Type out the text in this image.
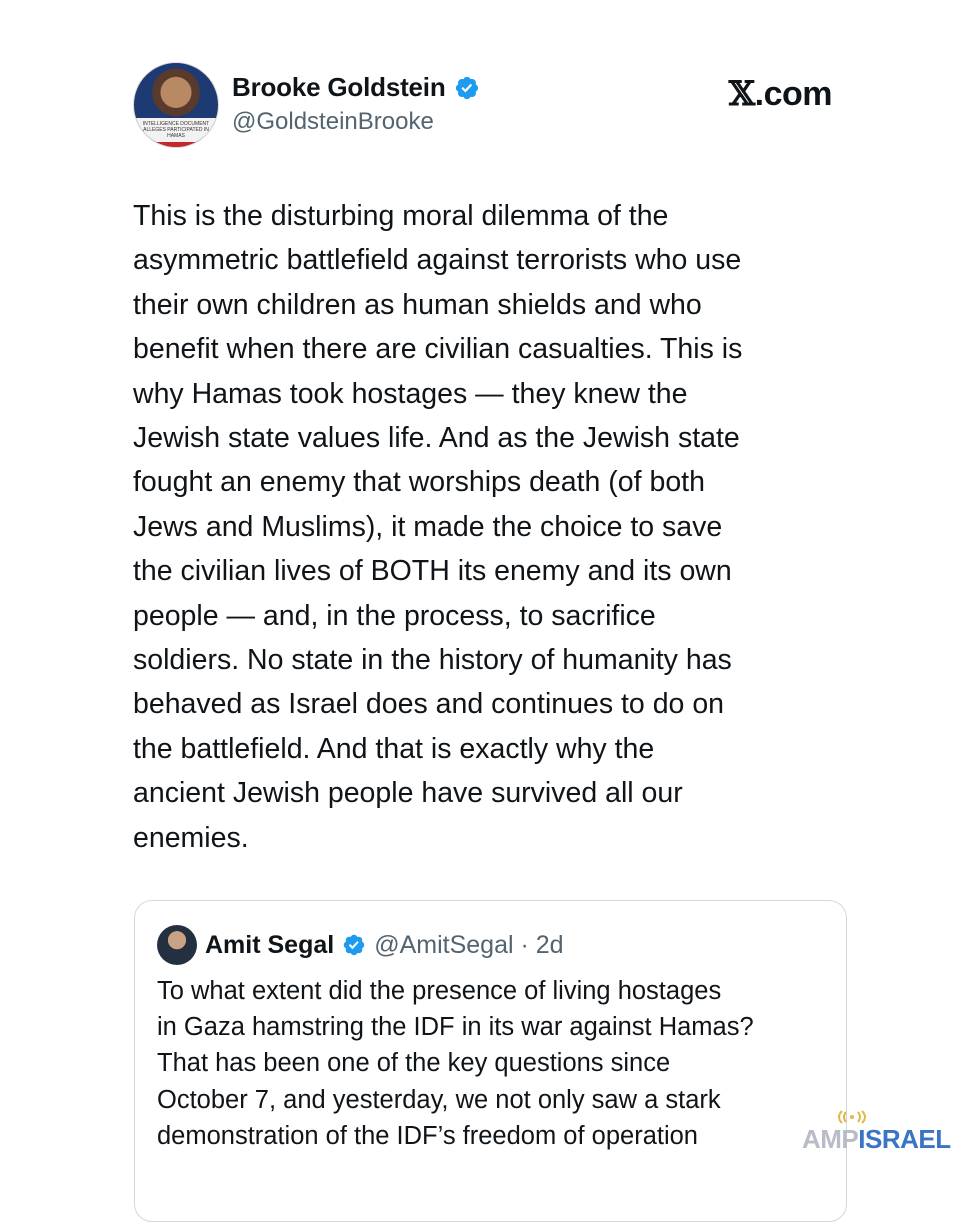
INTELLIGENCE DOCUMENT ALLEGES PARTICIPATED IN HAMAS
Brooke Goldstein
@GoldsteinBrooke
𝕏.com
This is the disturbing moral dilemma of the
asymmetric battlefield against terrorists who use
their own children as human shields and who
benefit when there are civilian casualties. This is
why Hamas took hostages — they knew the
Jewish state values life. And as the Jewish state
fought an enemy that worships death (of both
Jews and Muslims), it made the choice to save
the civilian lives of BOTH its enemy and its own
people — and, in the process, to sacrifice
soldiers. No state in the history of humanity has
behaved as Israel does and continues to do on
the battlefield. And that is exactly why the
ancient Jewish people have survived all our
enemies.
Amit Segal @AmitSegal · 2d
To what extent did the presence of living hostages
in Gaza hamstring the IDF in its war against Hamas?
That has been one of the key questions since
October 7, and yesterday, we not only saw a stark
demonstration of the IDF’s freedom of operation	AMPISRAEL
